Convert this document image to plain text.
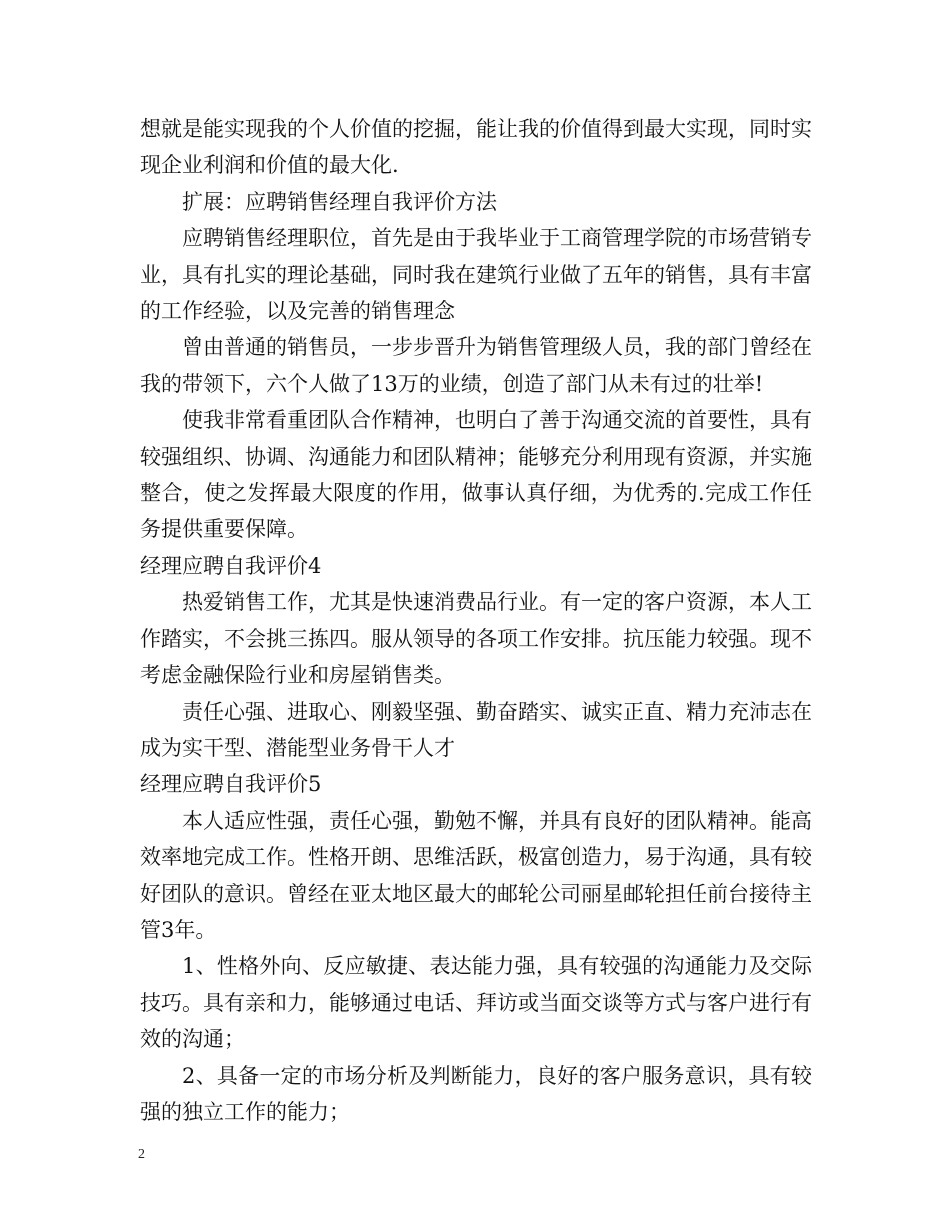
想就是能实现我的个人价值的挖掘，能让我的价值得到最大实现，同时实现企业利润和价值的最大化.

扩展：应聘销售经理自我评价方法

应聘销售经理职位，首先是由于我毕业于工商管理学院的市场营销专业，具有扎实的理论基础，同时我在建筑行业做了五年的销售，具有丰富的工作经验，以及完善的销售理念

曾由普通的销售员，一步步晋升为销售管理级人员，我的部门曾经在我的带领下，六个人做了13万的业绩，创造了部门从未有过的壮举!

使我非常看重团队合作精神，也明白了善于沟通交流的首要性，具有较强组织、协调、沟通能力和团队精神；能够充分利用现有资源，并实施整合，使之发挥最大限度的作用，做事认真仔细，为优秀的.完成工作任务提供重要保障。

经理应聘自我评价4

热爱销售工作，尤其是快速消费品行业。有一定的客户资源，本人工作踏实，不会挑三拣四。服从领导的各项工作安排。抗压能力较强。现不考虑金融保险行业和房屋销售类。

责任心强、进取心、刚毅坚强、勤奋踏实、诚实正直、精力充沛志在成为实干型、潜能型业务骨干人才

经理应聘自我评价5

本人适应性强，责任心强，勤勉不懈，并具有良好的团队精神。能高效率地完成工作。性格开朗、思维活跃，极富创造力，易于沟通，具有较好团队的意识。曾经在亚太地区最大的邮轮公司丽星邮轮担任前台接待主管3年。

1、性格外向、反应敏捷、表达能力强，具有较强的沟通能力及交际技巧。具有亲和力，能够通过电话、拜访或当面交谈等方式与客户进行有效的沟通；

2、具备一定的市场分析及判断能力，良好的客户服务意识，具有较强的独立工作的能力；

2
